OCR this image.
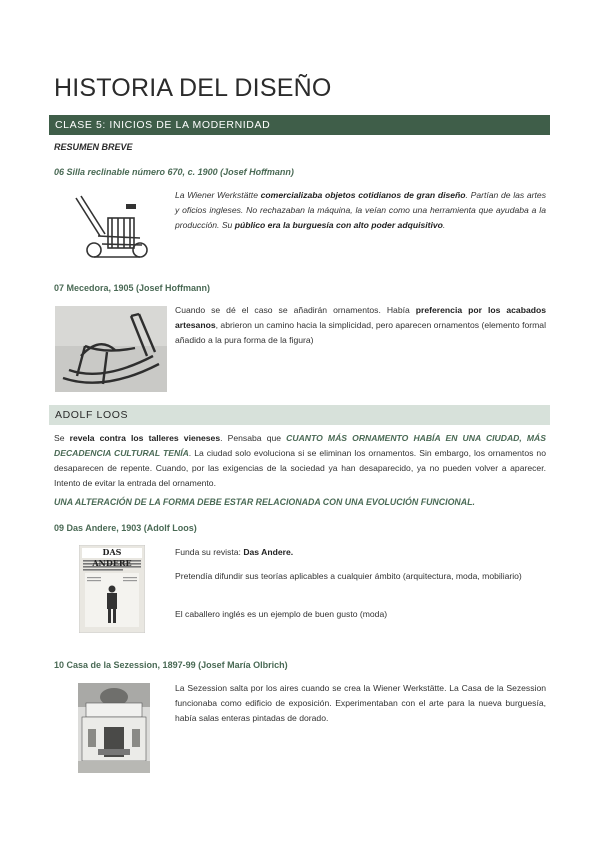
HISTORIA DEL DISEÑO
CLASE 5: INICIOS DE LA MODERNIDAD
RESUMEN BREVE
06 Silla reclinable número 670, c. 1900 (Josef Hoffmann)

La Wiener Werkstätte comercializaba objetos cotidianos de gran diseño. Partían de las artes y oficios ingleses. No rechazaban la máquina, la veían como una herramienta que ayudaba a la producción. Su público era la burguesía con alto poder adquisitivo.

07 Mecedora, 1905 (Josef Hoffmann)

Cuando se dé el caso se añadirán ornamentos. Había preferencia por los acabados artesanos, abrieron un camino hacia la simplicidad, pero aparecen ornamentos (elemento formal añadido a la pura forma de la figura)

ADOLF LOOS

Se revela contra los talleres vieneses. Pensaba que CUANTO MÁS ORNAMENTO HABÍA EN UNA CIUDAD, MÁS DECADENCIA CULTURAL TENÍA. La ciudad solo evoluciona si se eliminan los ornamentos. Sin embargo, los ornamentos no desaparecen de repente. Cuando, por las exigencias de la sociedad ya han desaparecido, ya no pueden volver a aparecer. Intento de evitar la entrada del ornamento.

UNA ALTERACIÓN DE LA FORMA DEBE ESTAR RELACIONADA CON UNA EVOLUCIÓN FUNCIONAL.
09 Das Andere, 1903 (Adolf Loos)
DAS ANDERE

Funda su revista: Das Andere.

Pretendía difundir sus teorías aplicables a cualquier ámbito (arquitectura, moda, mobiliario)
El caballero inglés es un ejemplo de buen gusto (moda)
10 Casa de la Sezession, 1897-99 (Josef María Olbrich)
La Sezession salta por los aires cuando se crea la Wiener Werkstätte. La Casa de la Sezession funcionaba como edificio de exposición. Experimentaban con el arte para la nueva burguesía, había salas enteras pintadas de dorado.
